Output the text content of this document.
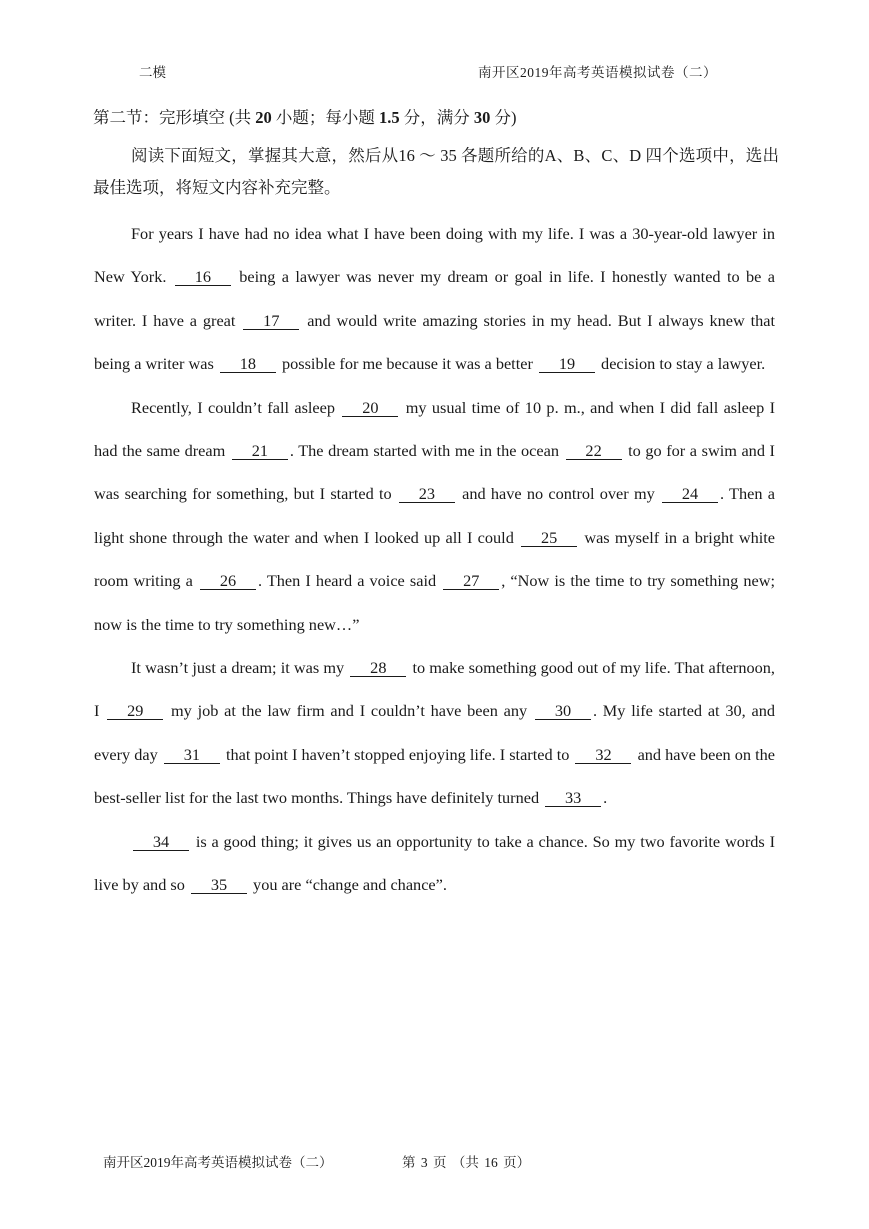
二模	南开区2019年高考英语模拟试卷（二）
第二节：完形填空 (共 20 小题；每小题 1.5 分，满分 30 分)
阅读下面短文，掌握其大意，然后从16 ～ 35 各题所给的A、B、C、D 四个选项中，选出最佳选项，将短文内容补充完整。

For years I have had no idea what I have been doing with my life. I was a 30-year-old lawyer in New York. 16 being a lawyer was never my dream or goal in life. I honestly wanted to be a writer. I have a great 17 and would write amazing stories in my head. But I always knew that being a writer was 18 possible for me because it was a better 19 decision to stay a lawyer.

Recently, I couldn’t fall asleep 20 my usual time of 10 p. m., and when I did fall asleep I had the same dream 21 . The dream started with me in the ocean 22 to go for a swim and I was searching for something, but I started to 23 and have no control over my 24 . Then a light shone through the water and when I looked up all I could 25 was myself in a bright white room writing a 26 . Then I heard a voice said 27 , “Now is the time to try something new; now is the time to try something new…”

It wasn’t just a dream; it was my 28 to make something good out of my life. That afternoon, I 29 my job at the law firm and I couldn’t have been any 30 . My life started at 30, and every day 31 that point I haven’t stopped enjoying life. I started to 32 and have been on the best-seller list for the last two months. Things have definitely turned 33 .

34 is a good thing; it gives us an opportunity to take a chance. So my two favorite words I live by and so 35 you are “change and chance”.

南开区2019年高考英语模拟试卷（二）	第 3 页 （共 16 页）
